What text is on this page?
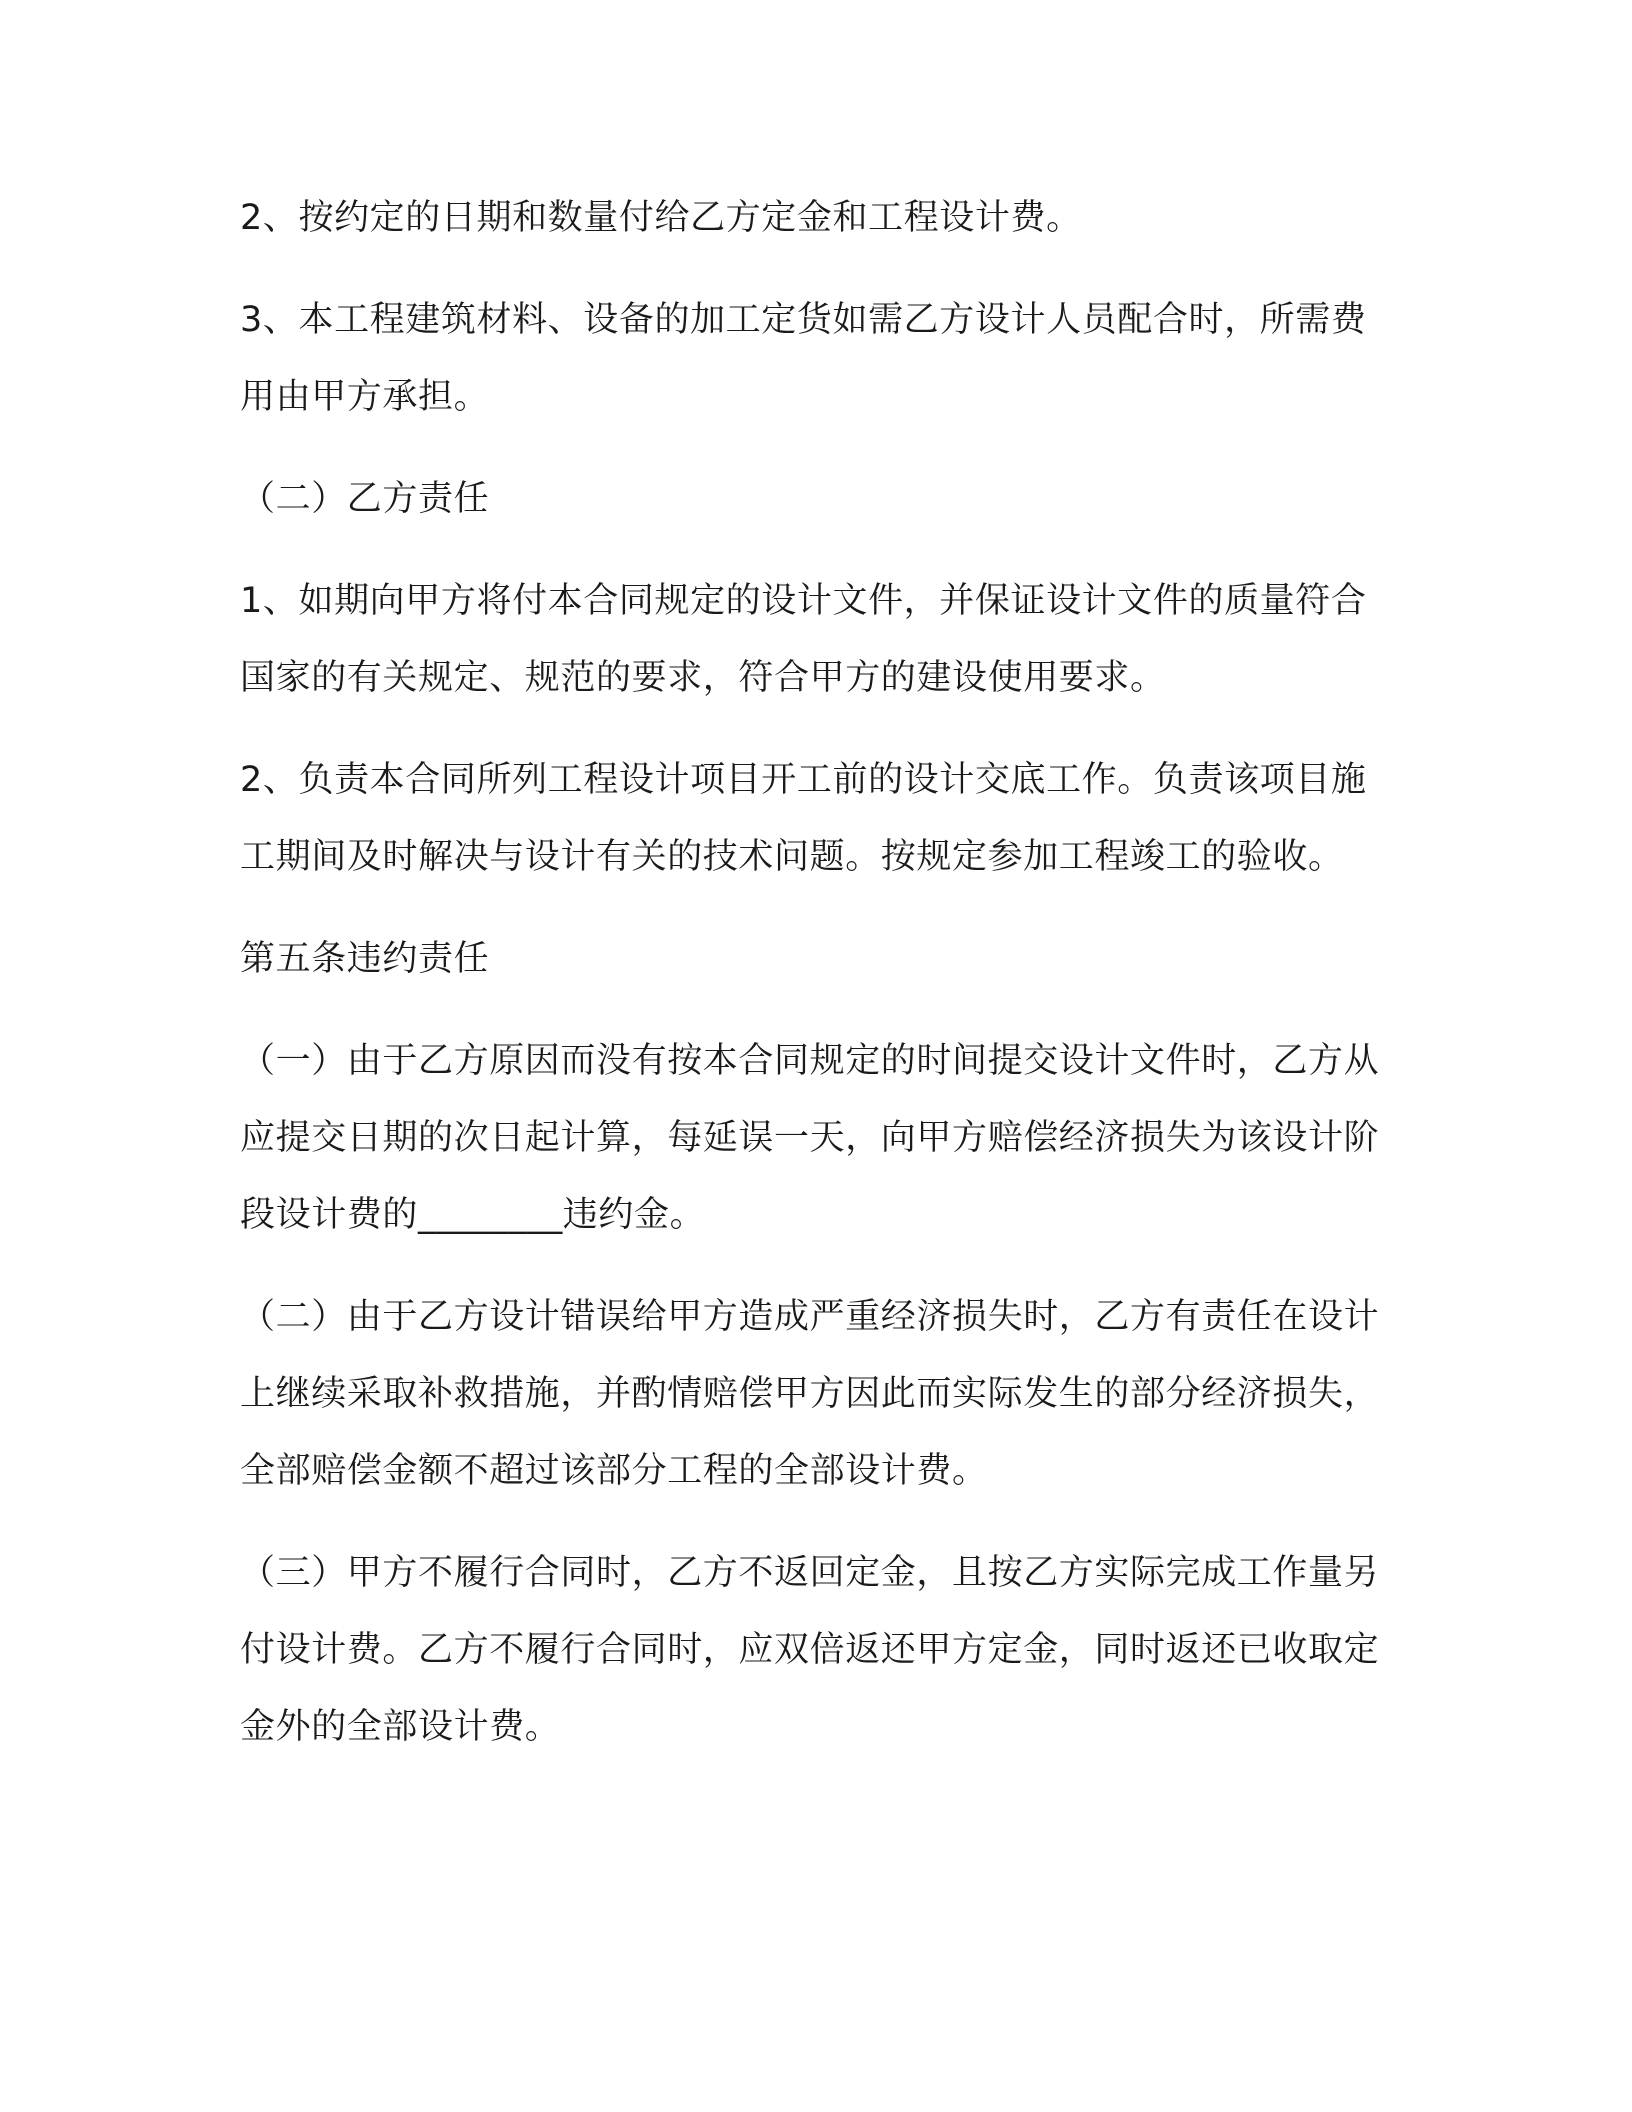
2、按约定的日期和数量付给乙方定金和工程设计费。

3、本工程建筑材料、设备的加工定货如需乙方设计人员配合时，所需费用由甲方承担。

（二）乙方责任

1、如期向甲方将付本合同规定的设计文件，并保证设计文件的质量符合国家的有关规定、规范的要求，符合甲方的建设使用要求。

2、负责本合同所列工程设计项目开工前的设计交底工作。负责该项目施工期间及时解决与设计有关的技术问题。按规定参加工程竣工的验收。

第五条违约责任

（一）由于乙方原因而没有按本合同规定的时间提交设计文件时，乙方从应提交日期的次日起计算，每延误一天，向甲方赔偿经济损失为该设计阶段设计费的________违约金。

（二）由于乙方设计错误给甲方造成严重经济损失时，乙方有责任在设计上继续采取补救措施，并酌情赔偿甲方因此而实际发生的部分经济损失，全部赔偿金额不超过该部分工程的全部设计费。

（三）甲方不履行合同时，乙方不返回定金，且按乙方实际完成工作量另付设计费。乙方不履行合同时，应双倍返还甲方定金，同时返还已收取定金外的全部设计费。
